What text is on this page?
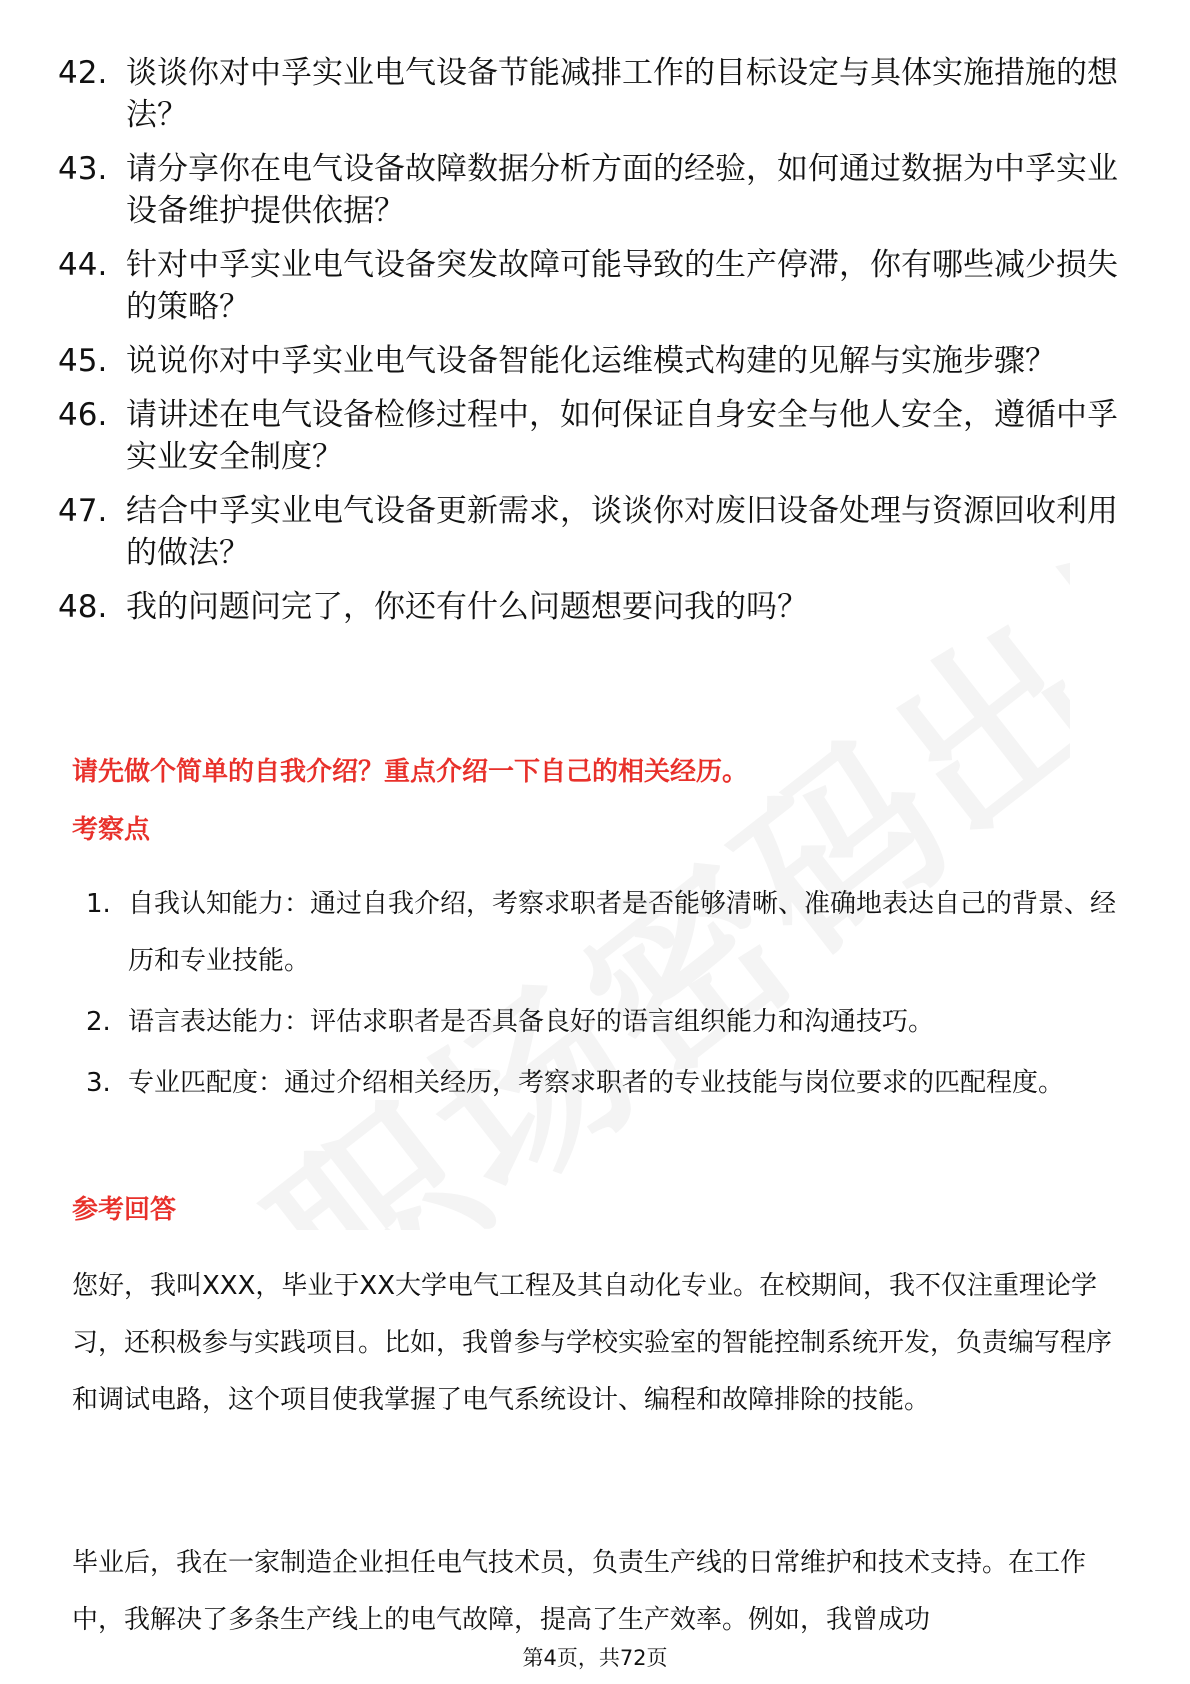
42. 谈谈你对中孚实业电气设备节能减排工作的目标设定与具体实施措施的想法？
43. 请分享你在电气设备故障数据分析方面的经验，如何通过数据为中孚实业设备维护提供依据？
44. 针对中孚实业电气设备突发故障可能导致的生产停滞，你有哪些减少损失的策略？
45. 说说你对中孚实业电气设备智能化运维模式构建的见解与实施步骤？
46. 请讲述在电气设备检修过程中，如何保证自身安全与他人安全，遵循中孚实业安全制度？
47. 结合中孚实业电气设备更新需求，谈谈你对废旧设备处理与资源回收利用的做法？
48. 我的问题问完了，你还有什么问题想要问我的吗？
请先做个简单的自我介绍？重点介绍一下自己的相关经历。
考察点
1. 自我认知能力：通过自我介绍，考察求职者是否能够清晰、准确地表达自己的背景、经历和专业技能。
2. 语言表达能力：评估求职者是否具备良好的语言组织能力和沟通技巧。
3. 专业匹配度：通过介绍相关经历，考察求职者的专业技能与岗位要求的匹配程度。
参考回答

您好，我叫XXX，毕业于XX大学电气工程及其自动化专业。在校期间，我不仅注重理论学习，还积极参与实践项目。比如，我曾参与学校实验室的智能控制系统开发，负责编写程序和调试电路，这个项目使我掌握了电气系统设计、编程和故障排除的技能。

毕业后，我在一家制造企业担任电气技术员，负责生产线的日常维护和技术支持。在工作中，我解决了多条生产线上的电气故障，提高了生产效率。例如，我曾成功

第4页，共72页
